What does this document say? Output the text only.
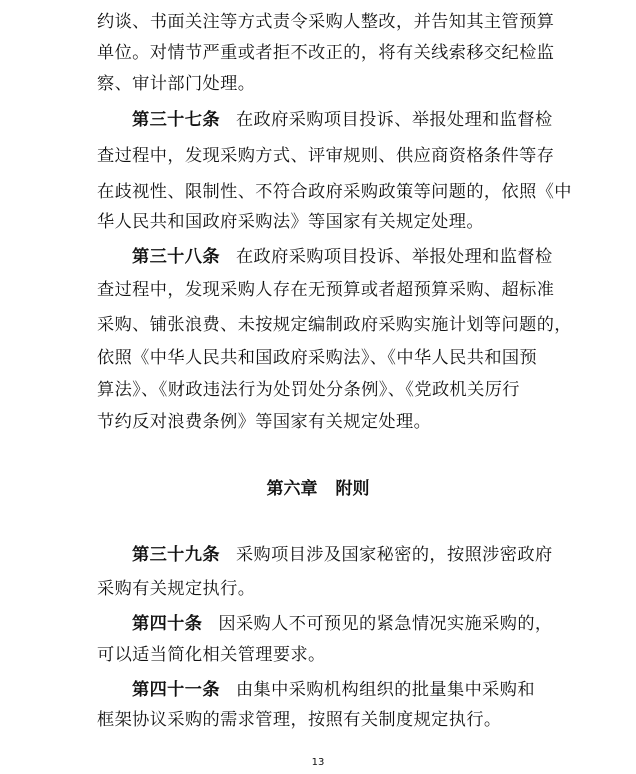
约谈、书面关注等方式责令采购人整改，并告知其主管预算
单位。对情节严重或者拒不改正的，将有关线索移交纪检监
察、审计部门处理。
第三十七条 在政府采购项目投诉、举报处理和监督检
查过程中，发现采购方式、评审规则、供应商资格条件等存
在歧视性、限制性、不符合政府采购政策等问题的，依照《中
华人民共和国政府采购法》等国家有关规定处理。
第三十八条 在政府采购项目投诉、举报处理和监督检
查过程中，发现采购人存在无预算或者超预算采购、超标准
采购、铺张浪费、未按规定编制政府采购实施计划等问题的，
依照《中华人民共和国政府采购法》、《中华人民共和国预
算法》、《财政违法行为处罚处分条例》、《党政机关厉行
节约反对浪费条例》等国家有关规定处理。
第六章 附则
第三十九条 采购项目涉及国家秘密的，按照涉密政府
采购有关规定执行。
第四十条 因采购人不可预见的紧急情况实施采购的，
可以适当简化相关管理要求。
第四十一条 由集中采购机构组织的批量集中采购和
框架协议采购的需求管理，按照有关制度规定执行。
13
